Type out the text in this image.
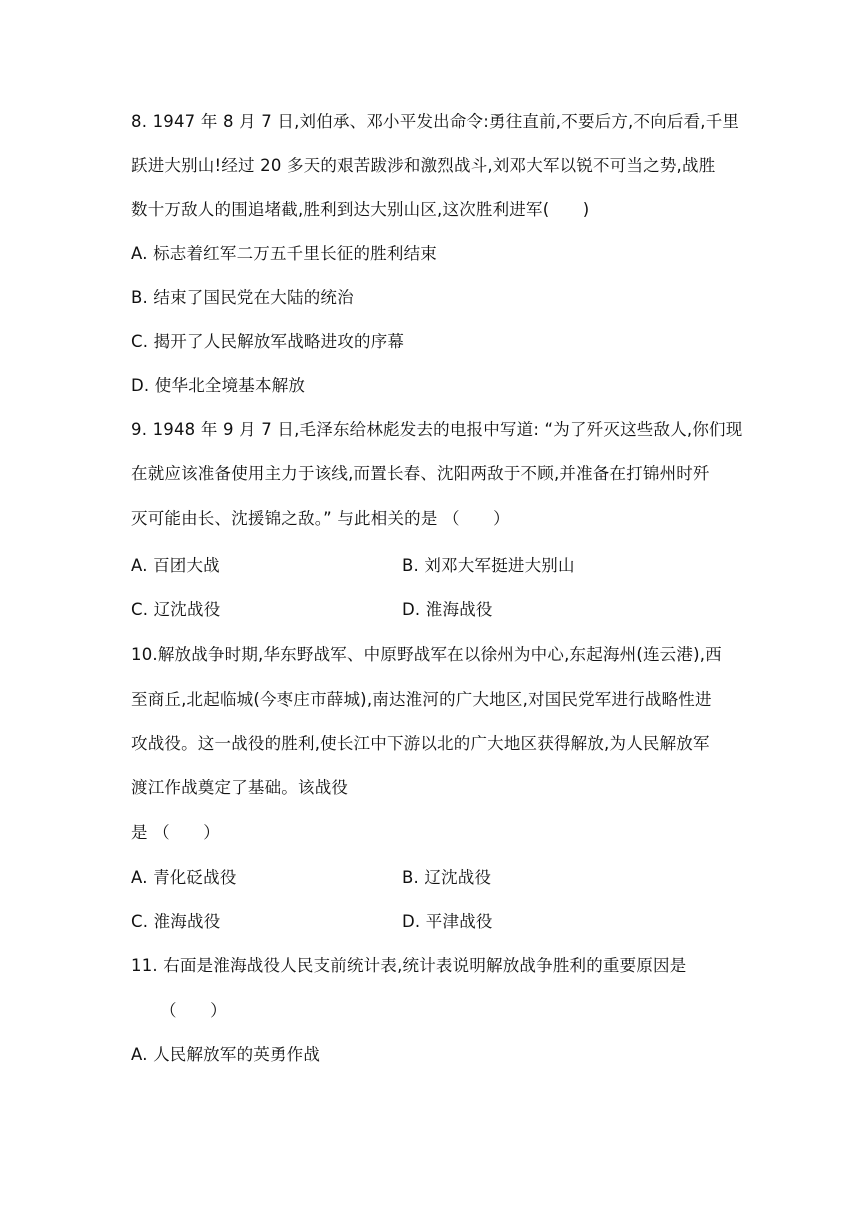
8. 1947 年 8 月 7 日,刘伯承、邓小平发出命令:勇往直前,不要后方,不向后看,千里
跃进大别山!经过 20 多天的艰苦跋涉和激烈战斗,刘邓大军以锐不可当之势,战胜
数十万敌人的围追堵截,胜利到达大别山区,这次胜利进军(　　)
A. 标志着红军二万五千里长征的胜利结束
B. 结束了国民党在大陆的统治
C. 揭开了人民解放军战略进攻的序幕
D. 使华北全境基本解放
9. 1948 年 9 月 7 日,毛泽东给林彪发去的电报中写道: “为了歼灭这些敌人,你们现
在就应该准备使用主力于该线,而置长春、沈阳两敌于不顾,并准备在打锦州时歼
灭可能由长、沈援锦之敌。” 与此相关的是 （　　）
A. 百团大战	B. 刘邓大军挺进大别山
C. 辽沈战役	D. 淮海战役
10.解放战争时期,华东野战军、中原野战军在以徐州为中心,东起海州(连云港),西
至商丘,北起临城(今枣庄市薛城),南达淮河的广大地区,对国民党军进行战略性进
攻战役。这一战役的胜利,使长江中下游以北的广大地区获得解放,为人民解放军
渡江作战奠定了基础。该战役
是 （　　）
A. 青化砭战役	B. 辽沈战役
C. 淮海战役	D. 平津战役
11. 右面是淮海战役人民支前统计表,统计表说明解放战争胜利的重要原因是
（　　）
A. 人民解放军的英勇作战
